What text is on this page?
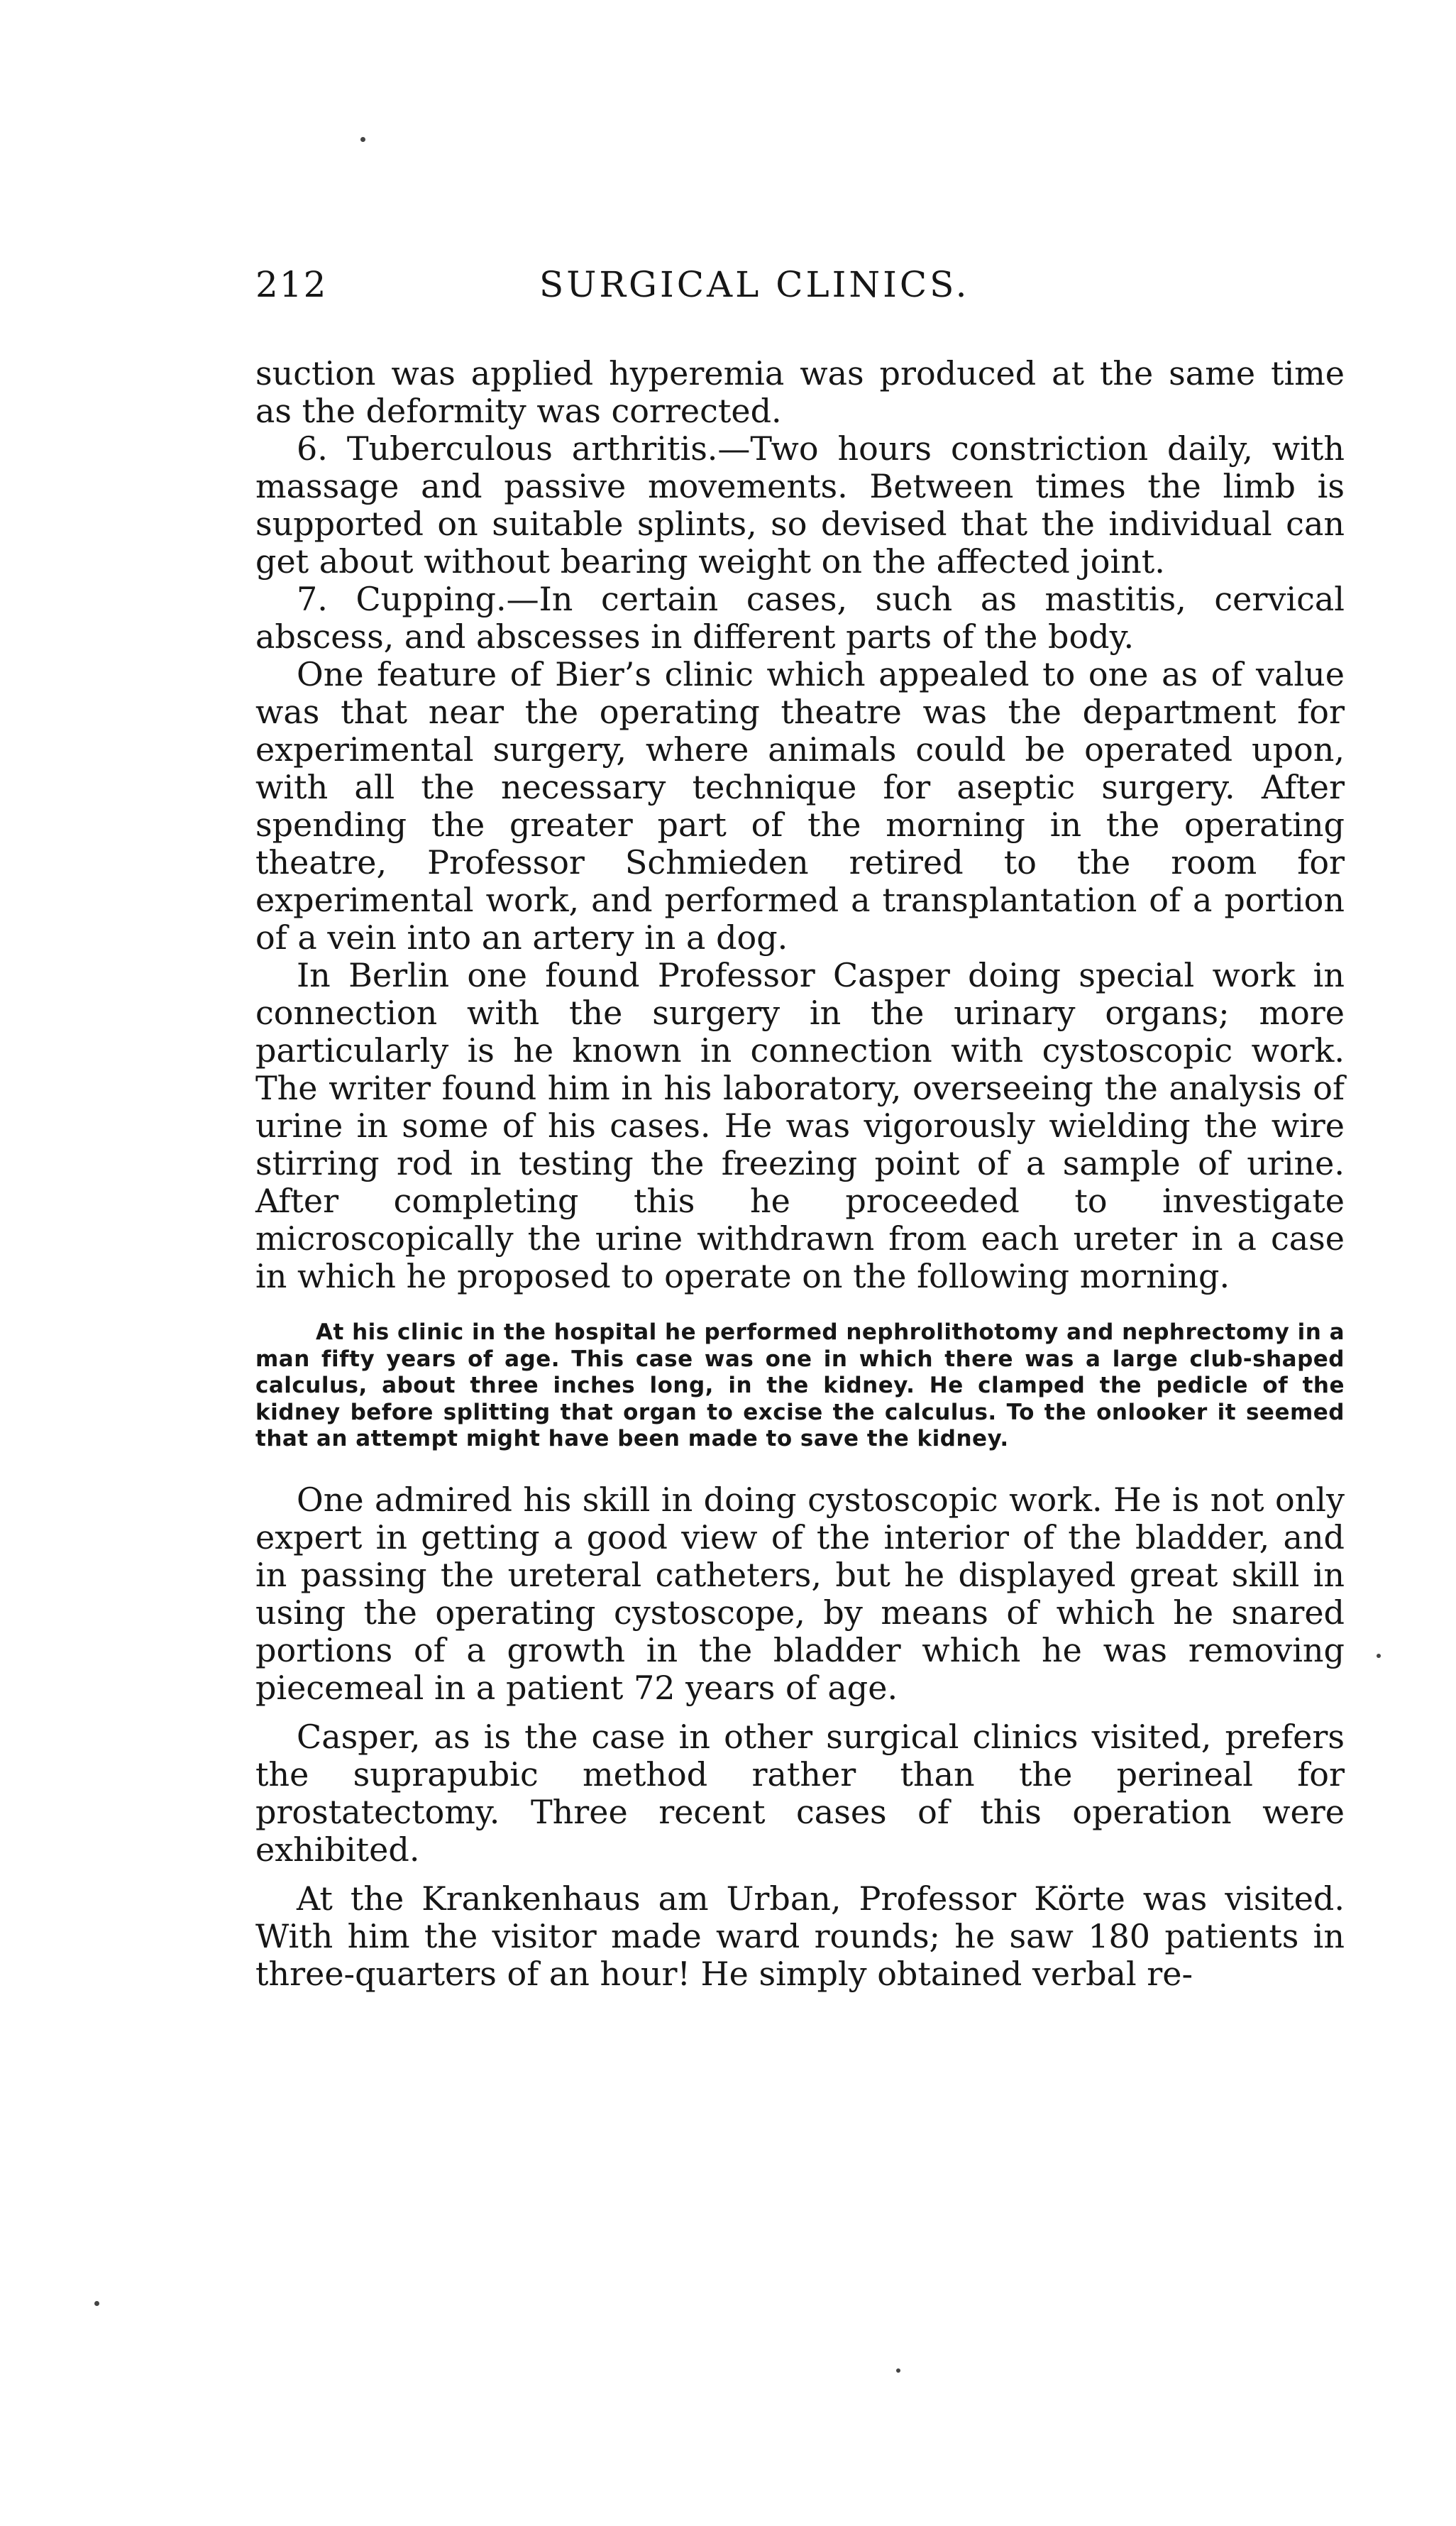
212	SURGICAL CLINICS.

suction was applied hyperemia was produced at the same time as the deformity was corrected.

6. Tuberculous arthritis.—Two hours constriction daily, with massage and passive movements. Between times the limb is supported on suitable splints, so devised that the individual can get about without bearing weight on the affected joint.

7. Cupping.—In certain cases, such as mastitis, cervical abscess, and abscesses in different parts of the body.

One feature of Bier’s clinic which appealed to one as of value was that near the operating theatre was the department for experimental surgery, where animals could be operated upon, with all the necessary technique for aseptic surgery. After spending the greater part of the morning in the operating theatre, Professor Schmieden retired to the room for experimental work, and performed a transplantation of a portion of a vein into an artery in a dog.

In Berlin one found Professor Casper doing special work in connection with the surgery in the urinary organs; more particularly is he known in connection with cystoscopic work. The writer found him in his laboratory, overseeing the analysis of urine in some of his cases. He was vigorously wielding the wire stirring rod in testing the freezing point of a sample of urine. After completing this he proceeded to investigate microscopically the urine withdrawn from each ureter in a case in which he proposed to operate on the following morning.

At his clinic in the hospital he performed nephrolithotomy and nephrectomy in a man fifty years of age. This case was one in which there was a large club-shaped calculus, about three inches long, in the kidney. He clamped the pedicle of the kidney before splitting that organ to excise the calculus. To the onlooker it seemed that an attempt might have been made to save the kidney.

One admired his skill in doing cystoscopic work. He is not only expert in getting a good view of the interior of the bladder, and in passing the ureteral catheters, but he displayed great skill in using the operating cystoscope, by means of which he snared portions of a growth in the bladder which he was removing piecemeal in a patient 72 years of age.

Casper, as is the case in other surgical clinics visited, prefers the suprapubic method rather than the perineal for prostatectomy. Three recent cases of this operation were exhibited.

At the Krankenhaus am Urban, Professor Körte was visited. With him the visitor made ward rounds; he saw 180 patients in three-quarters of an hour! He simply obtained verbal re-
